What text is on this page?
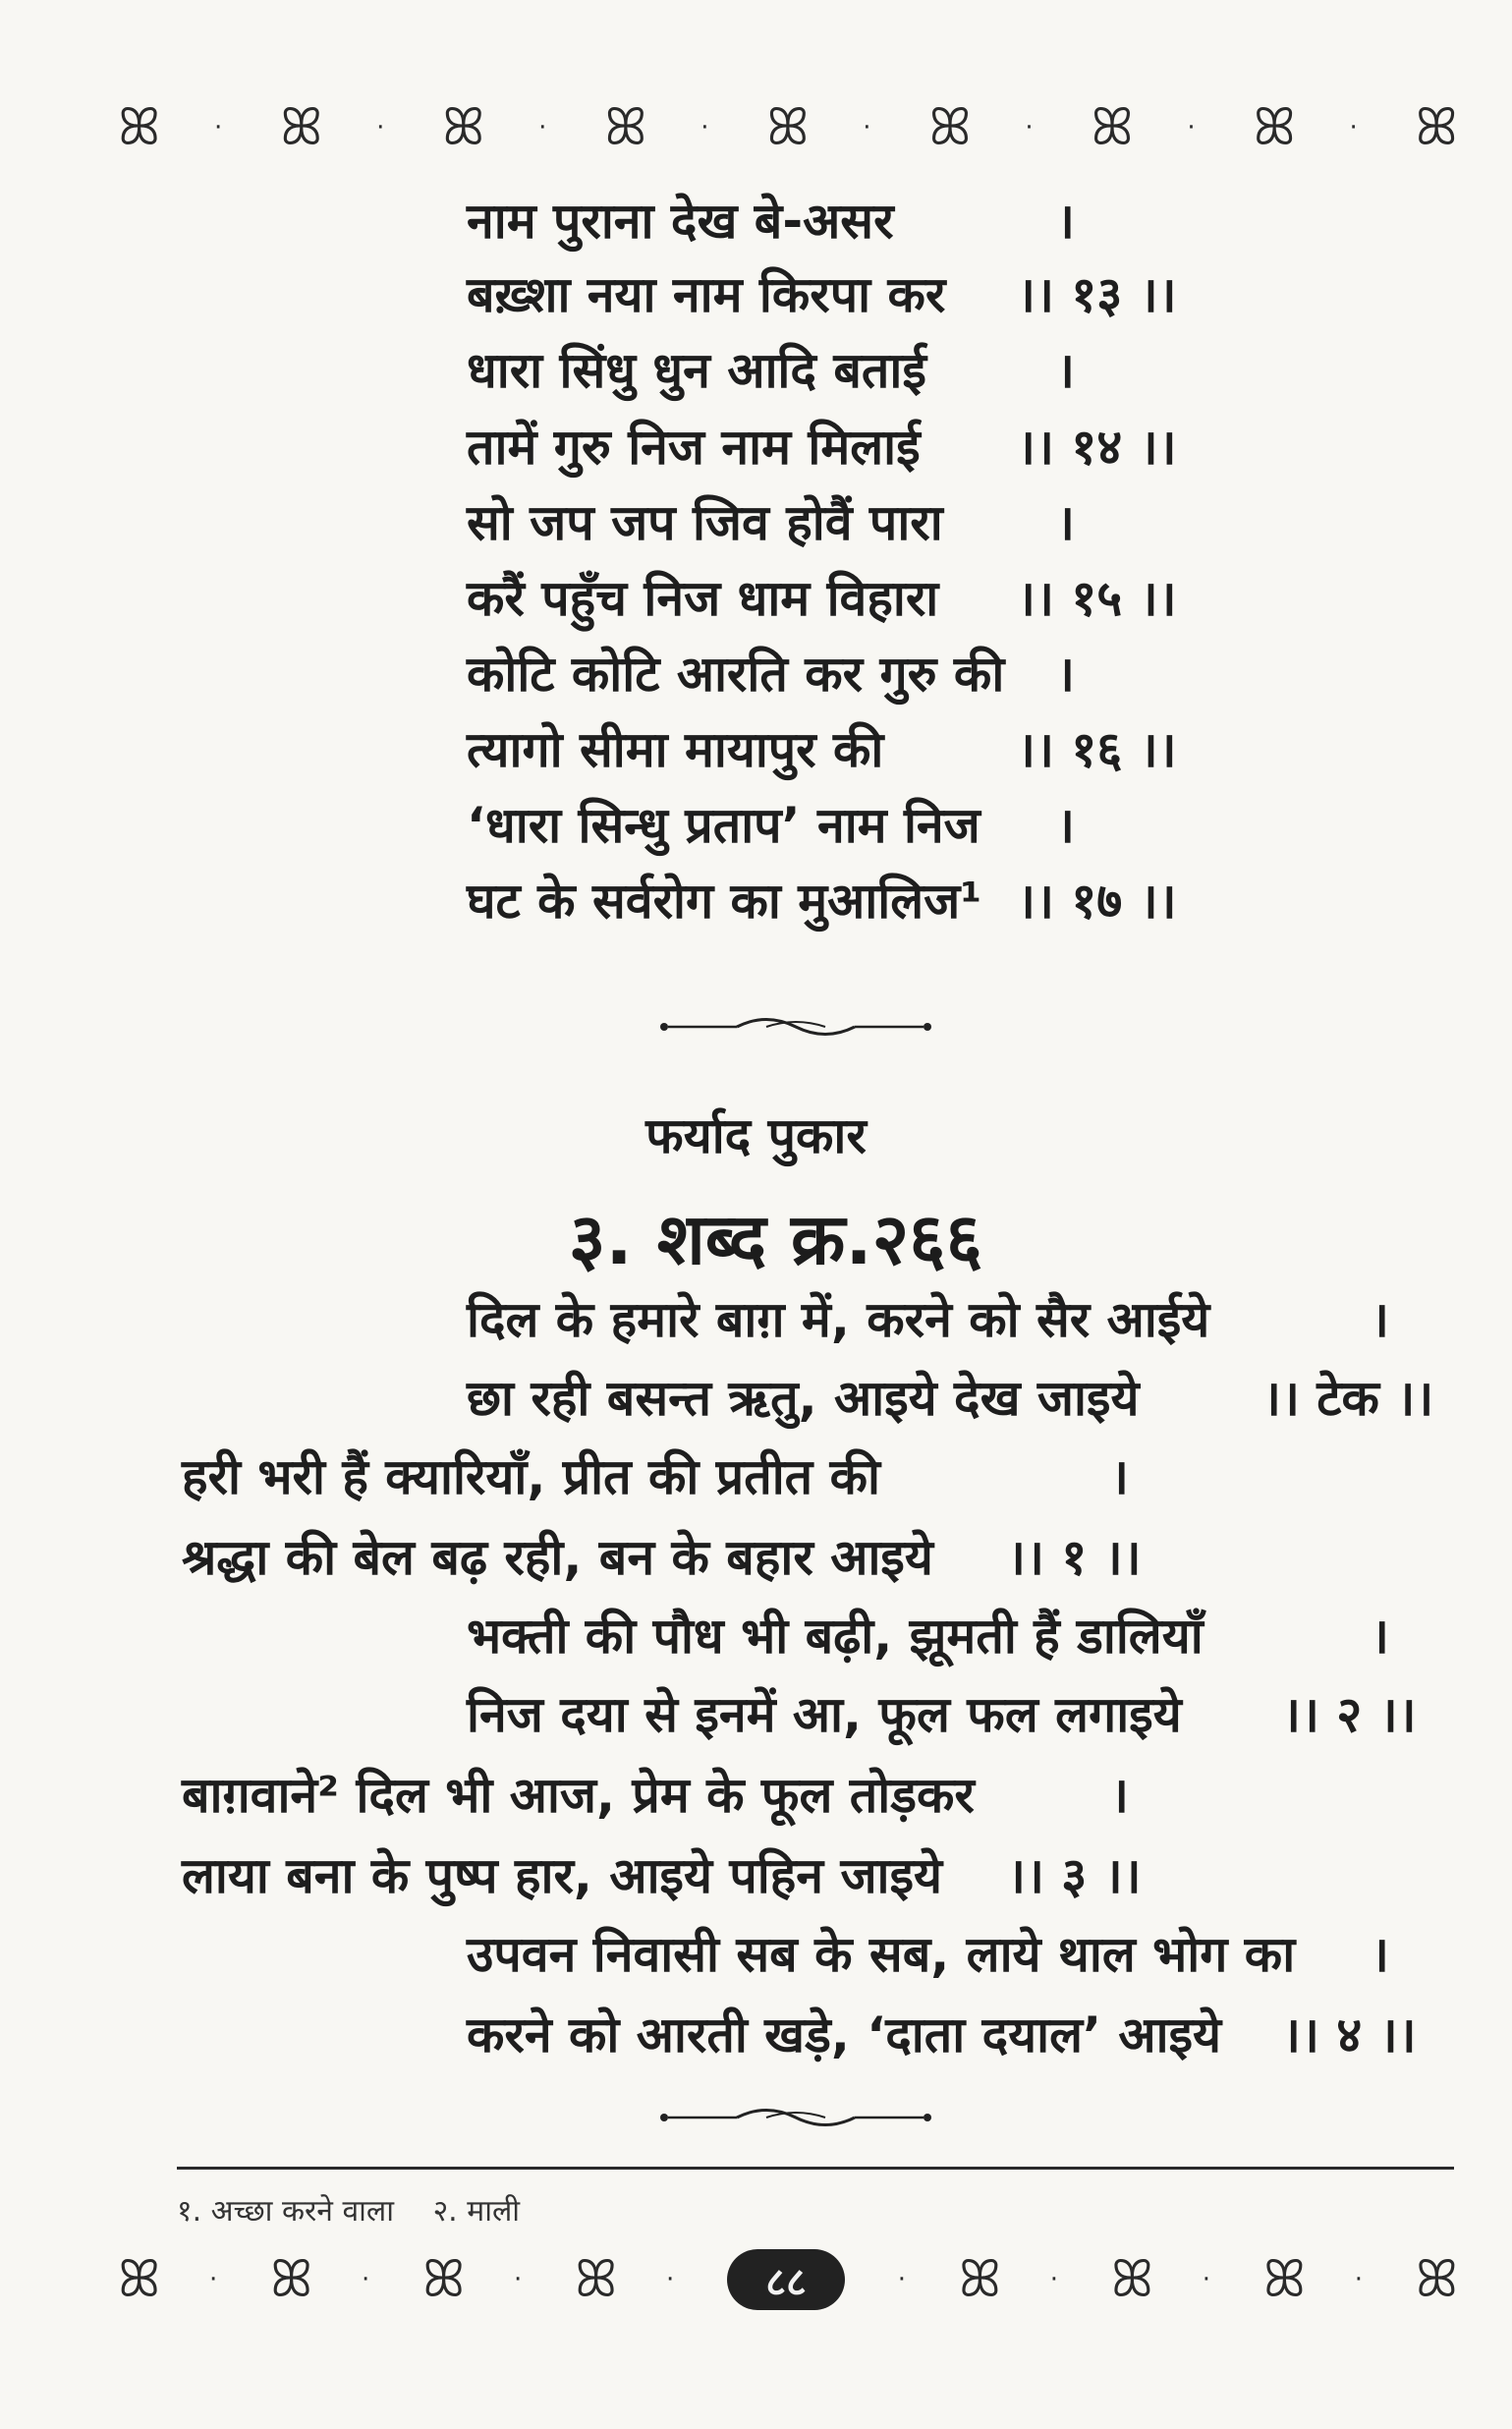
ꕤ · ꕤ · ꕤ · ꕤ · ꕤ · ꕤ · ꕤ · ꕤ · ꕤ
नाम पुराना देख बे-असर	।
बख़्शा नया नाम किरपा कर ।। १३ ।।
धारा सिंधु धुन आदि बताई	।
तामें गुरु निज नाम मिलाई ।। १४ ।।
सो जप जप जिव होवैं पारा ।
करैं पहुँच निज धाम विहारा ।। १५ ।।
कोटि कोटि आरति कर गुरु की ।
त्यागो सीमा मायापुर की	।। १६ ।।
‘धारा सिन्धु प्रताप’ नाम निज ।
घट के सर्वरोग का मुआलिज¹ ।। १७ ।।
फर्याद पुकार
३. शब्द क्र.२६६
दिल के हमारे बाग़ में, करने को सैर आईये	।
छा रही बसन्त ऋतु, आइये देख जाइये	।। टेक ।।
हरी भरी हैं क्यारियाँ, प्रीत की प्रतीत की	।
श्रद्धा की बेल बढ़ रही, बन के बहार आइये ।। १ ।।
भक्ती की पौध भी बढ़ी, झूमती हैं डालियाँ	।
निज दया से इनमें आ, फूल फल लगाइये ।। २ ।।
बाग़वाने² दिल भी आज, प्रेम के फूल तोड़कर	।
लाया बना के पुष्प हार, आइये पहिन जाइये ।। ३ ।।
उपवन निवासी सब के सब, लाये थाल भोग का ।
करने को आरती खड़े, ‘दाता दयाल’ आइये ।। ४ ।।
१. अच्छा करने वाला २. माली
ꕤ · ꕤ · ꕤ · ꕤ ·	८८	· ꕤ · ꕤ · ꕤ · ꕤ
